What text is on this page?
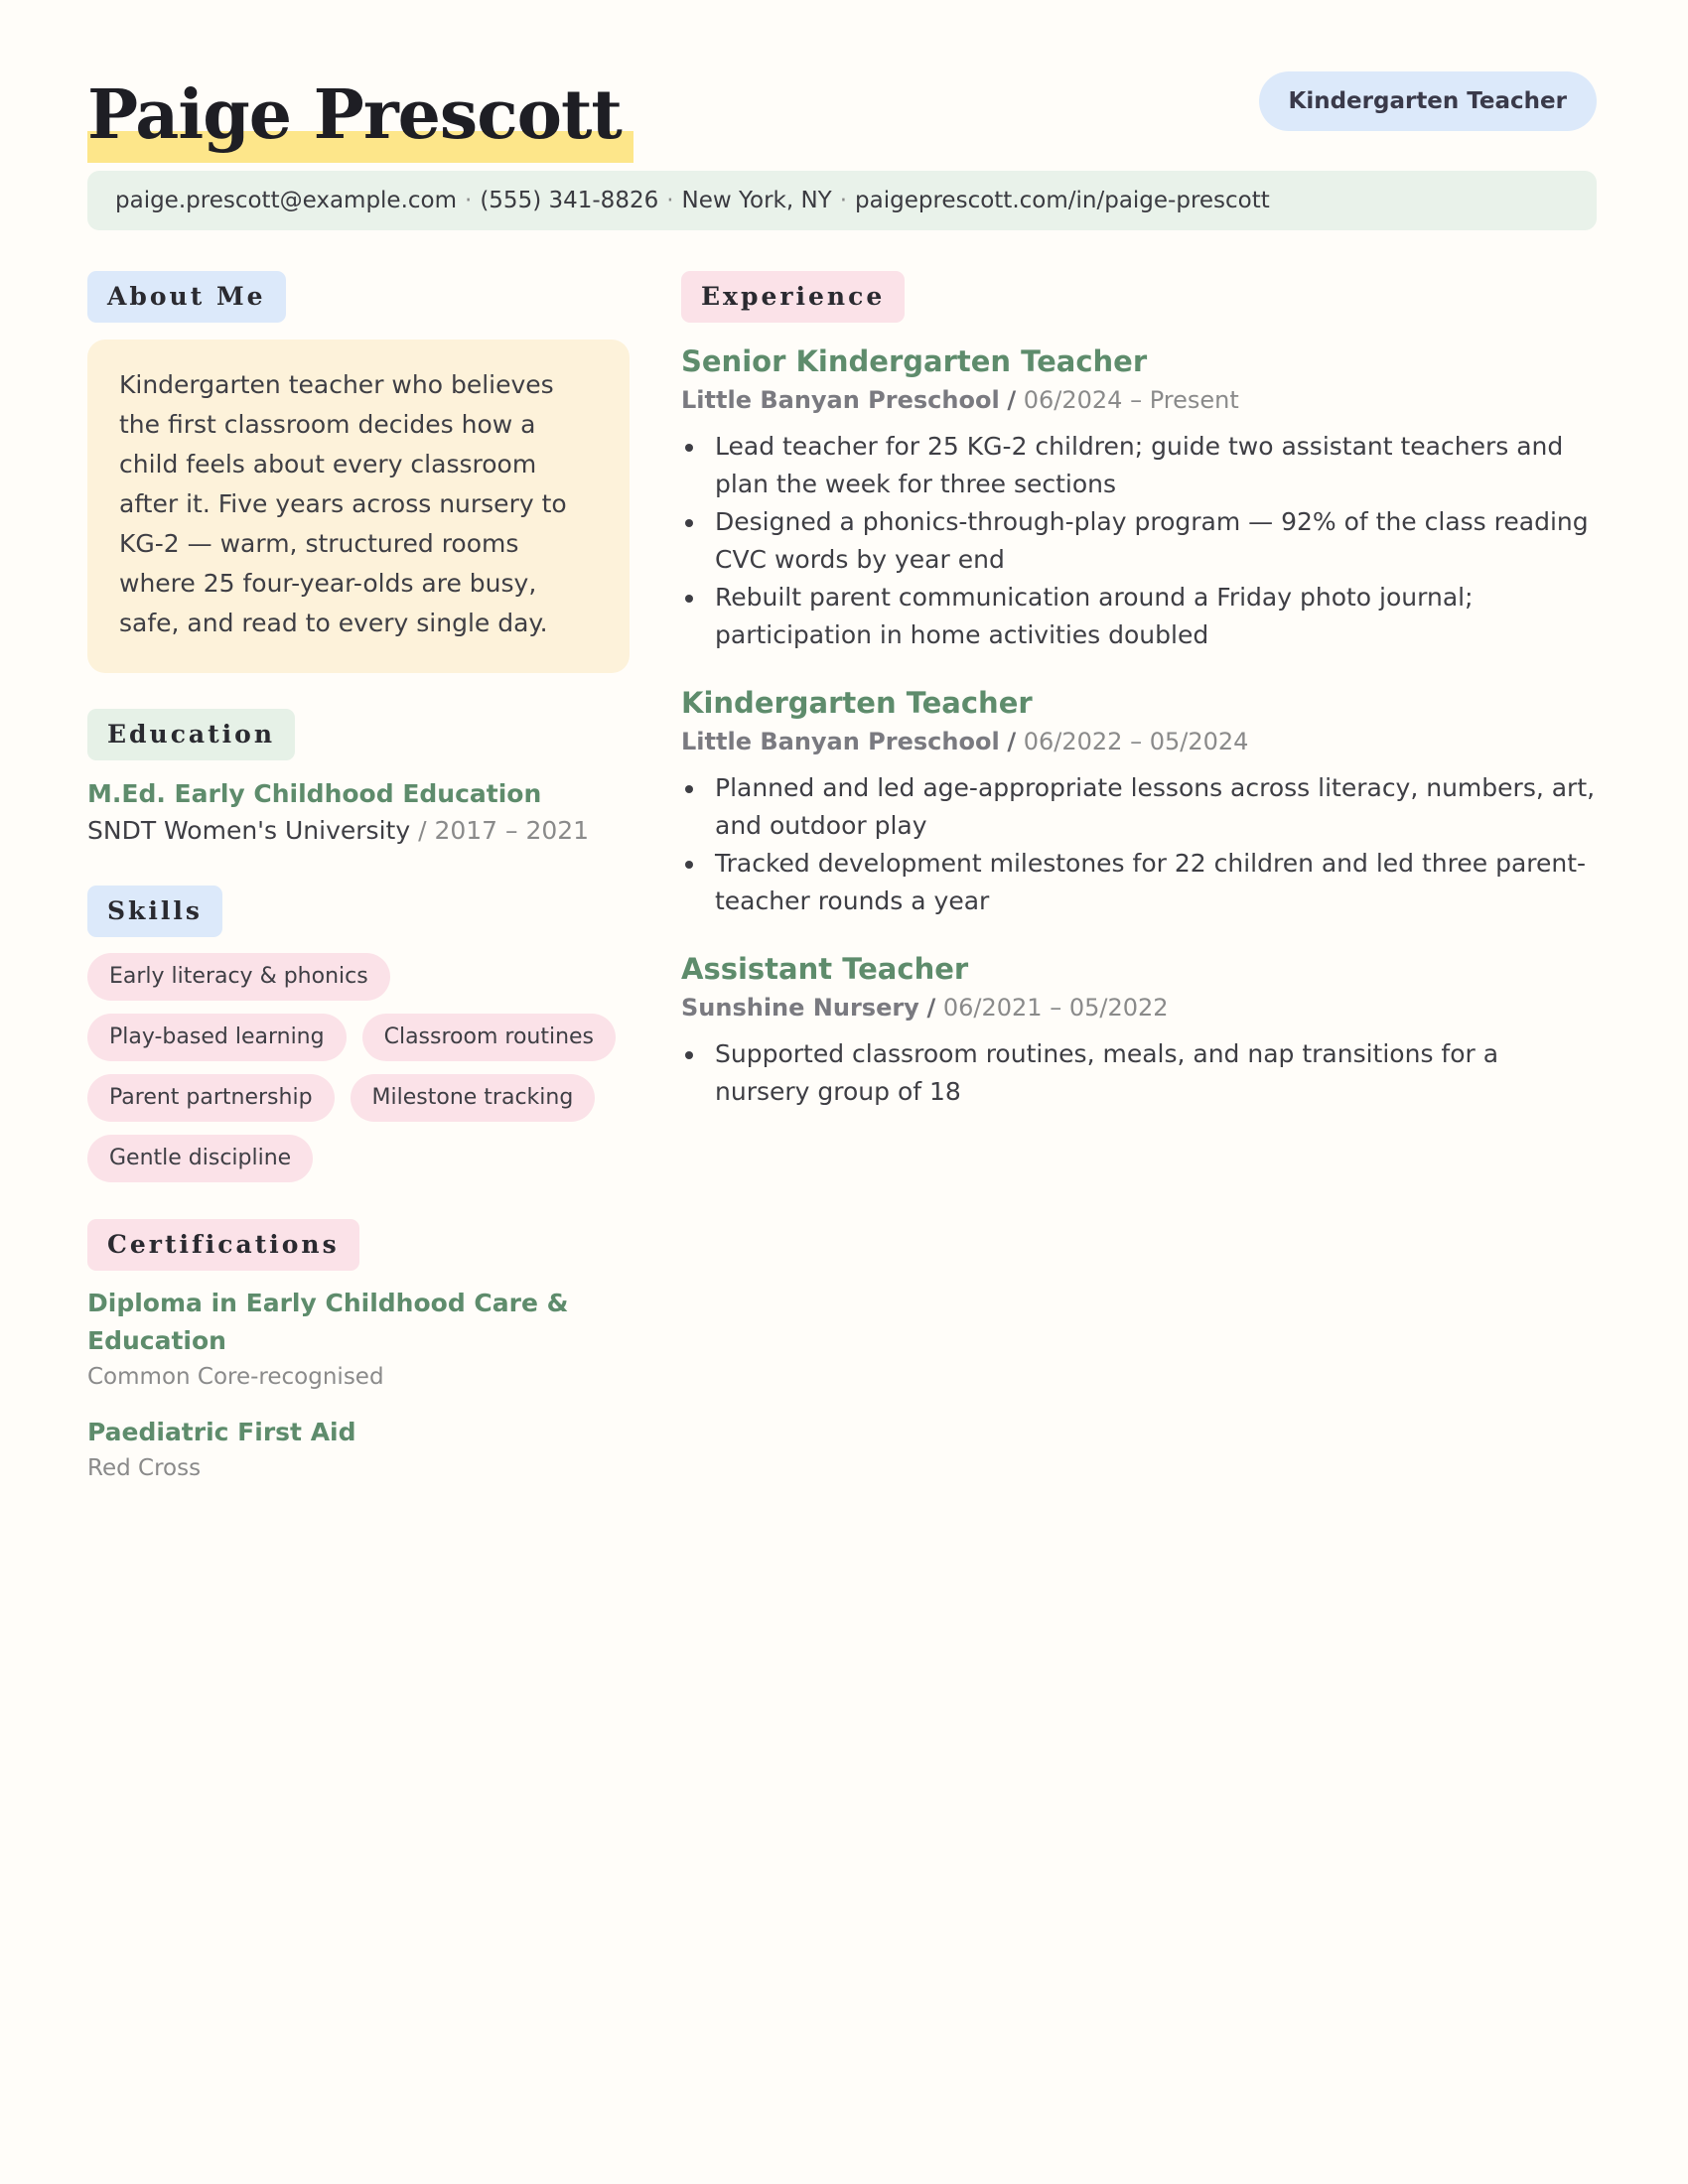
Paige Prescott	Kindergarten Teacher
paige.prescott@example.com · (555) 341-8826 · New York, NY · paigeprescott.com/in/paige-prescott
About Me
Kindergarten teacher who believes the first classroom decides how a child feels about every classroom after it. Five years across nursery to KG-2 — warm, structured rooms where 25 four-year-olds are busy, safe, and read to every single day.
Education
M.Ed. Early Childhood Education
SNDT Women's University / 2017 – 2021
Skills
Early literacy & phonics
Play-based learning	Classroom routines
Parent partnership	Milestone tracking
Gentle discipline
Certifications
Diploma in Early Childhood Care & Education
Common Core-recognised
Paediatric First Aid
Red Cross
Experience
Senior Kindergarten Teacher
Little Banyan Preschool / 06/2024 – Present
Lead teacher for 25 KG-2 children; guide two assistant teachers and plan the week for three sections
Designed a phonics-through-play program — 92% of the class reading CVC words by year end
Rebuilt parent communication around a Friday photo journal; participation in home activities doubled
Kindergarten Teacher
Little Banyan Preschool / 06/2022 – 05/2024
Planned and led age-appropriate lessons across literacy, numbers, art, and outdoor play
Tracked development milestones for 22 children and led three parent-teacher rounds a year
Assistant Teacher
Sunshine Nursery / 06/2021 – 05/2022
Supported classroom routines, meals, and nap transitions for a nursery group of 18
